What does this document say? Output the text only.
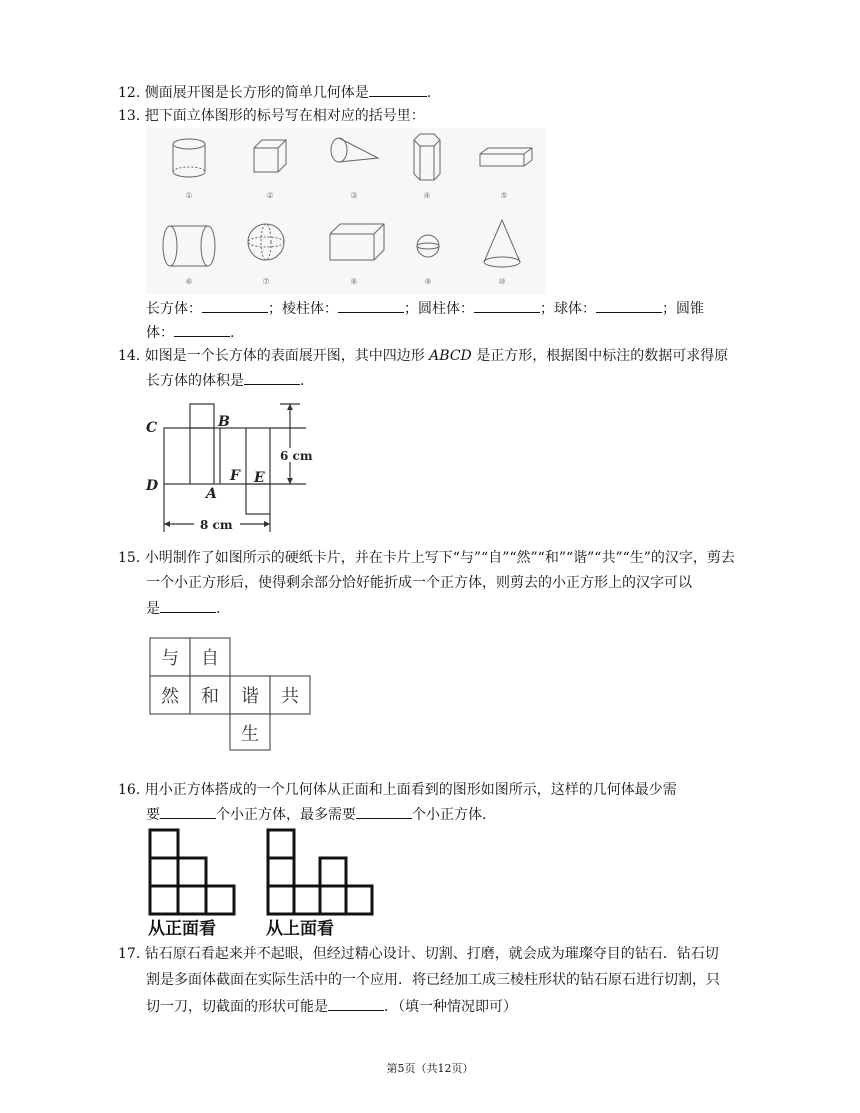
12. 侧面展开图是长方形的简单几何体是	.
13. 把下面立体图形的标号写在相对应的括号里：
①	②	③	④	⑤
⑥	⑦	⑧	⑨	⑩
长方体：	；棱柱体：	；圆柱体：	；球体：	；圆锥
体：	.
14. 如图是一个长方体的表面展开图，其中四边形 ABCD 是正方形，根据图中标注的数据可求得原
长方体的体积是	.
C
D
B
A
F E
6 cm
8 cm
15. 小明制作了如图所示的硬纸卡片，并在卡片上写下“与”“自”“然”“和”“谐”“共”“生”的汉字，剪去
一个小正方形后，使得剩余部分恰好能折成一个正方体，则剪去的小正方形上的汉字可以
是	.
与 自
然 和 谐 共
生
16. 用小正方体搭成的一个几何体从正面和上面看到的图形如图所示，这样的几何体最少需
要	个小正方体，最多需要	个小正方体.
从正面看	从上面看
17. 钻石原石看起来并不起眼，但经过精心设计、切割、打磨，就会成为璀璨夺目的钻石．钻石切
割是多面体截面在实际生活中的一个应用．将已经加工成三棱柱形状的钻石原石进行切割，只
切一刀，切截面的形状可能是	．（填一种情况即可）
第5页（共12页）
